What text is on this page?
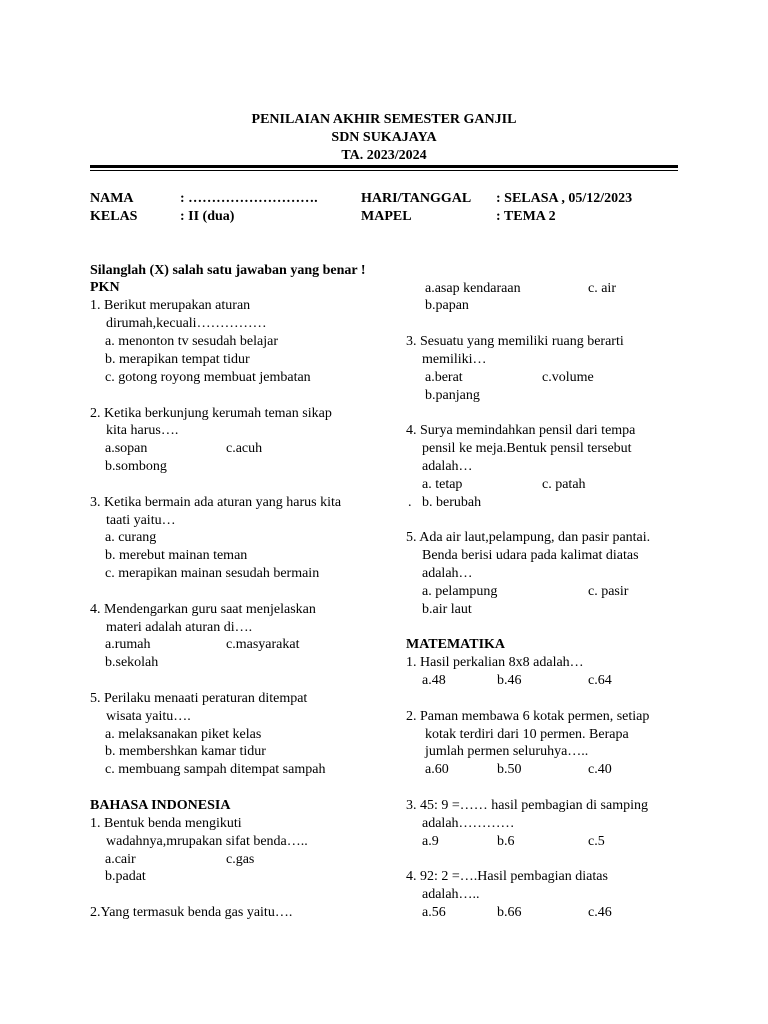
PENILAIAN AKHIR SEMESTER GANJIL
SDN SUKAJAYA
TA. 2023/2024
NAMA	: ……………………….
KELAS	: II (dua)
HARI/TANGGAL : SELASA , 05/12/2023
MAPEL	: TEMA 2
Silanglah (X) salah satu jawaban yang benar !
PKN
1. Berikut merupakan aturan
dirumah,kecuali……………
a. menonton tv sesudah belajar
b. merapikan tempat tidur
c. gotong royong membuat jembatan
2. Ketika berkunjung kerumah teman sikap
kita harus….
a.sopan	c.acuh
b.sombong
3. Ketika bermain ada aturan yang harus kita
taati yaitu…
a. curang
b. merebut mainan teman
c. merapikan mainan sesudah bermain
4. Mendengarkan guru saat menjelaskan
materi adalah aturan di….
a.rumah	c.masyarakat
b.sekolah
5. Perilaku menaati peraturan ditempat
wisata yaitu….
a. melaksanakan piket kelas
b. membershkan kamar tidur
c. membuang sampah ditempat sampah
BAHASA INDONESIA
1. Bentuk benda mengikuti
wadahnya,mrupakan sifat benda…..
a.cair	c.gas
b.padat
2.Yang termasuk benda gas yaitu….
a.asap kendaraan	c. air
b.papan
3. Sesuatu yang memiliki ruang berarti
memiliki…
a.berat	c.volume
b.panjang
4. Surya memindahkan pensil dari tempa
pensil ke meja.Bentuk pensil tersebut
adalah…
a. tetap	c. patah
. b. berubah
5. Ada air laut,pelampung, dan pasir pantai.
Benda berisi udara pada kalimat diatas
adalah…
a. pelampung	c. pasir
b.air laut
MATEMATIKA
1. Hasil perkalian 8x8 adalah…
a.48	b.46	c.64
2. Paman membawa 6 kotak permen, setiap
kotak terdiri dari 10 permen. Berapa
jumlah permen seluruhya…..
a.60	b.50	c.40
3. 45: 9 =…… hasil pembagian di samping
adalah…………
a.9	b.6	c.5
4. 92: 2 =….Hasil pembagian diatas
adalah…..
a.56	b.66	c.46
